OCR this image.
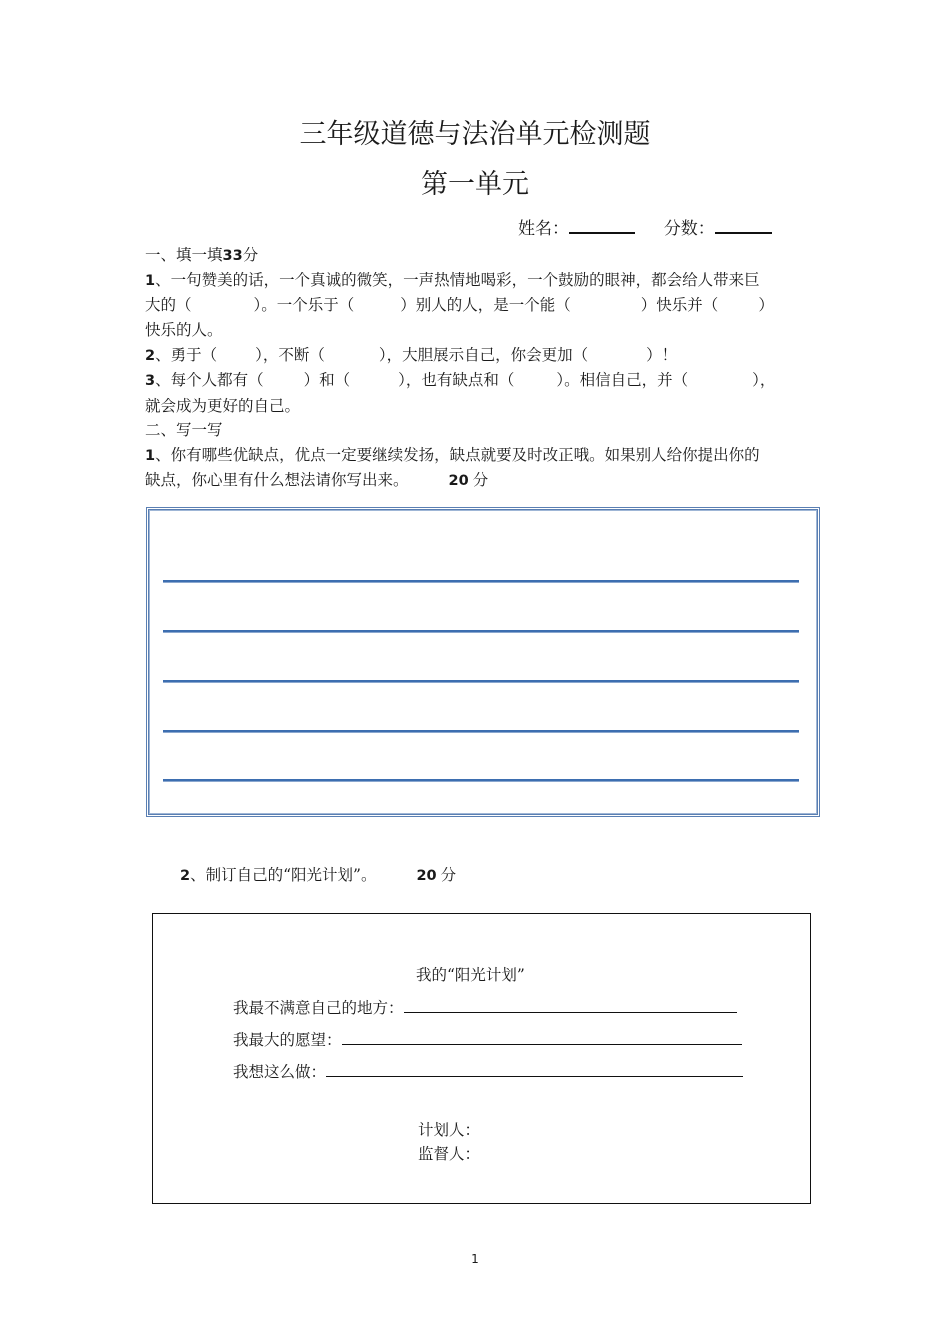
三年级道德与法治单元检测题
第一单元
姓名：	分数：
一、填一填33分
1、一句赞美的话，一个真诚的微笑，一声热情地喝彩，一个鼓励的眼神，都会给人带来巨
大的（	）。一个乐于（	）别人的人，是一个能（	）快乐并（	）
快乐的人。
2、勇于（ ），不断（	），大胆展示自己，你会更加（	）！
3、每个人都有（	）和（	），也有缺点和（	）。相信自己，并（	），
就会成为更好的自己。
二、写一写
1、你有哪些优缺点，优点一定要继续发扬，缺点就要及时改正哦。如果别人给你提出你的
缺点，你心里有什么想法请你写出来。	20 分
2、制订自己的“阳光计划”。	20 分
我的“阳光计划”
我最不满意自己的地方：
我最大的愿望：
我想这么做：
计划人：
监督人：
1
